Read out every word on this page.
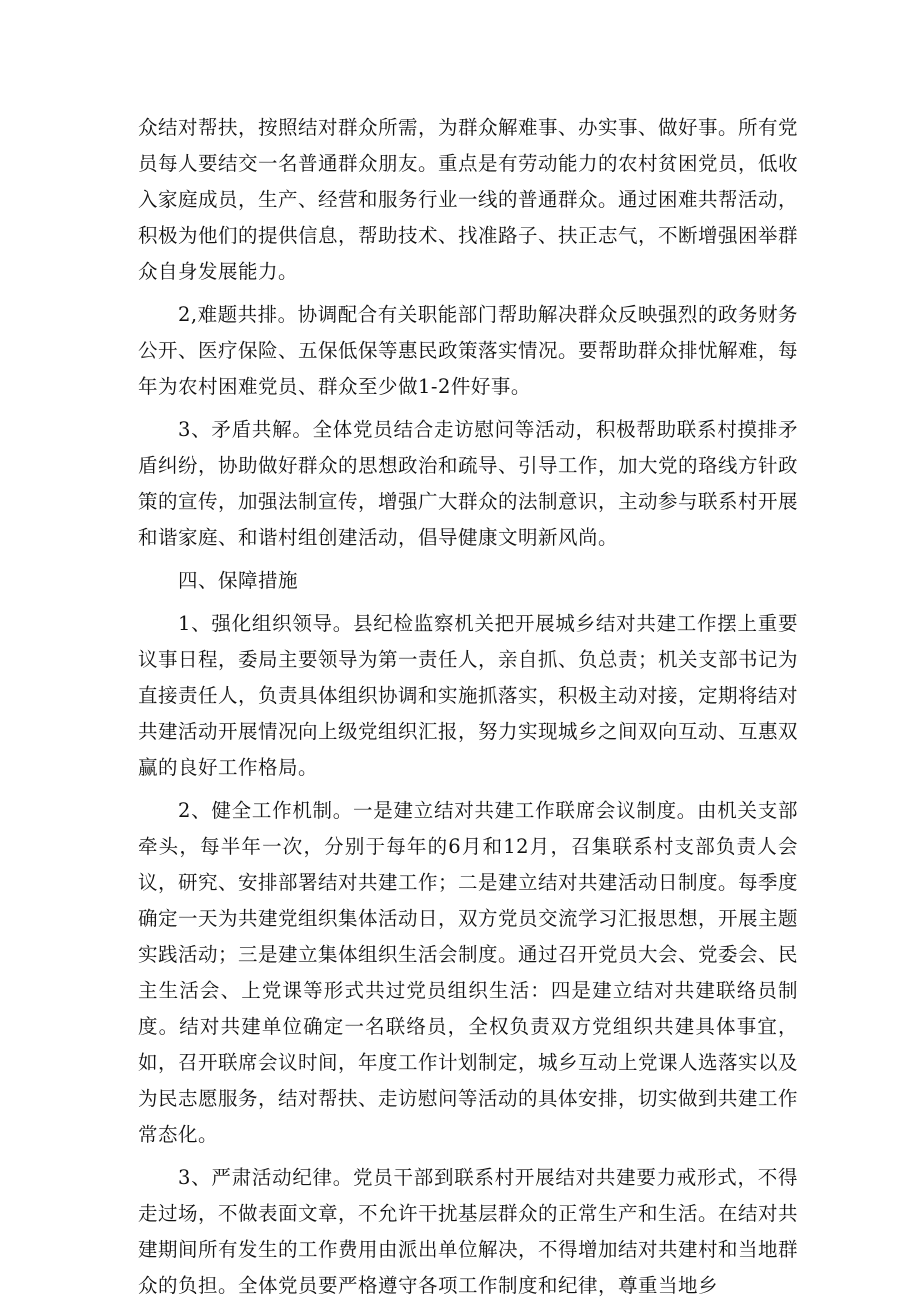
众结对帮扶，按照结对群众所需，为群众解难事、办实事、做好事。所有党员每人要结交一名普通群众朋友。重点是有劳动能力的农村贫困党员，低收入家庭成员，生产、经营和服务行业一线的普通群众。通过困难共帮活动，积极为他们的提供信息，帮助技术、找准路子、扶正志气，不断增强困举群众自身发展能力。

2,难题共排。协调配合有关职能部门帮助解决群众反映强烈的政务财务公开、医疗保险、五保低保等惠民政策落实情况。要帮助群众排忧解难，每年为农村困难党员、群众至少做1-2件好事。

3、矛盾共解。全体党员结合走访慰问等活动，积极帮助联系村摸排矛盾纠纷，协助做好群众的思想政治和疏导、引导工作，加大党的珞线方针政策的宣传，加强法制宣传，增强广大群众的法制意识，主动参与联系村开展和谐家庭、和谐村组创建活动，倡导健康文明新风尚。

四、保障措施

1、强化组织领导。县纪检监察机关把开展城乡结对共建工作摆上重要议事日程，委局主要领导为第一责任人，亲自抓、负总责；机关支部书记为直接责任人，负责具体组织协调和实施抓落实，积极主动对接，定期将结对共建活动开展情况向上级党组织汇报，努力实现城乡之间双向互动、互惠双赢的良好工作格局。

2、健全工作机制。一是建立结对共建工作联席会议制度。由机关支部牵头，每半年一次，分别于每年的6月和12月，召集联系村支部负责人会议，研究、安排部署结对共建工作；二是建立结对共建活动日制度。每季度确定一天为共建党组织集体活动日，双方党员交流学习汇报思想，开展主题实践活动；三是建立集体组织生活会制度。通过召开党员大会、党委会、民主生活会、上党课等形式共过党员组织生活：四是建立结对共建联络员制度。结对共建单位确定一名联络员，全权负责双方党组织共建具体事宜，如，召开联席会议时间，年度工作计划制定，城乡互动上党课人选落实以及为民志愿服务，结对帮扶、走访慰问等活动的具体安排，切实做到共建工作常态化。

3、严肃活动纪律。党员干部到联系村开展结对共建要力戒形式，不得走过场，不做表面文章，不允许干扰基层群众的正常生产和生活。在结对共建期间所有发生的工作费用由派出单位解决，不得增加结对共建村和当地群众的负担。全体党员要严格遵守各项工作制度和纪律，尊重当地乡
